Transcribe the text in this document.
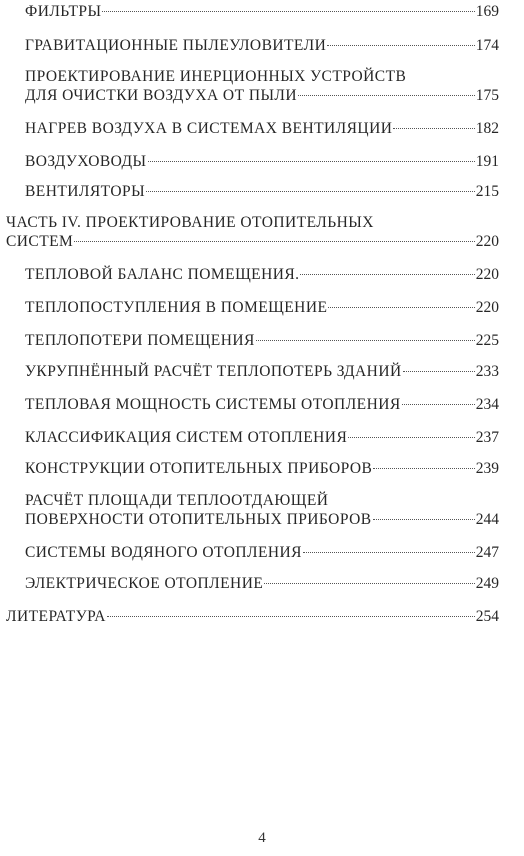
ФИЛЬТРЫ	169
ГРАВИТАЦИОННЫЕ ПЫЛЕУЛОВИТЕЛИ	174
ПРОЕКТИРОВАНИЕ ИНЕРЦИОННЫХ УСТРОЙСТВ
ДЛЯ ОЧИСТКИ ВОЗДУХА ОТ ПЫЛИ	175
НАГРЕВ ВОЗДУХА В СИСТЕМАХ ВЕНТИЛЯЦИИ	182
ВОЗДУХОВОДЫ	191
ВЕНТИЛЯТОРЫ	215
ЧАСТЬ IV. ПРОЕКТИРОВАНИЕ ОТОПИТЕЛЬНЫХ
СИСТЕМ	220
ТЕПЛОВОЙ БАЛАНС ПОМЕЩЕНИЯ.	220
ТЕПЛОПОСТУПЛЕНИЯ В ПОМЕЩЕНИЕ	220
ТЕПЛОПОТЕРИ ПОМЕЩЕНИЯ	225
УКРУПНЁННЫЙ РАСЧЁТ ТЕПЛОПОТЕРЬ ЗДАНИЙ	233
ТЕПЛОВАЯ МОЩНОСТЬ СИСТЕМЫ ОТОПЛЕНИЯ	234
КЛАССИФИКАЦИЯ СИСТЕМ ОТОПЛЕНИЯ	237
КОНСТРУКЦИИ ОТОПИТЕЛЬНЫХ ПРИБОРОВ	239
РАСЧЁТ ПЛОЩАДИ ТЕПЛООТДАЮЩЕЙ
ПОВЕРХНОСТИ ОТОПИТЕЛЬНЫХ ПРИБОРОВ	244
СИСТЕМЫ ВОДЯНОГО ОТОПЛЕНИЯ	247
ЭЛЕКТРИЧЕСКОЕ ОТОПЛЕНИЕ	249
ЛИТЕРАТУРА	254
4
